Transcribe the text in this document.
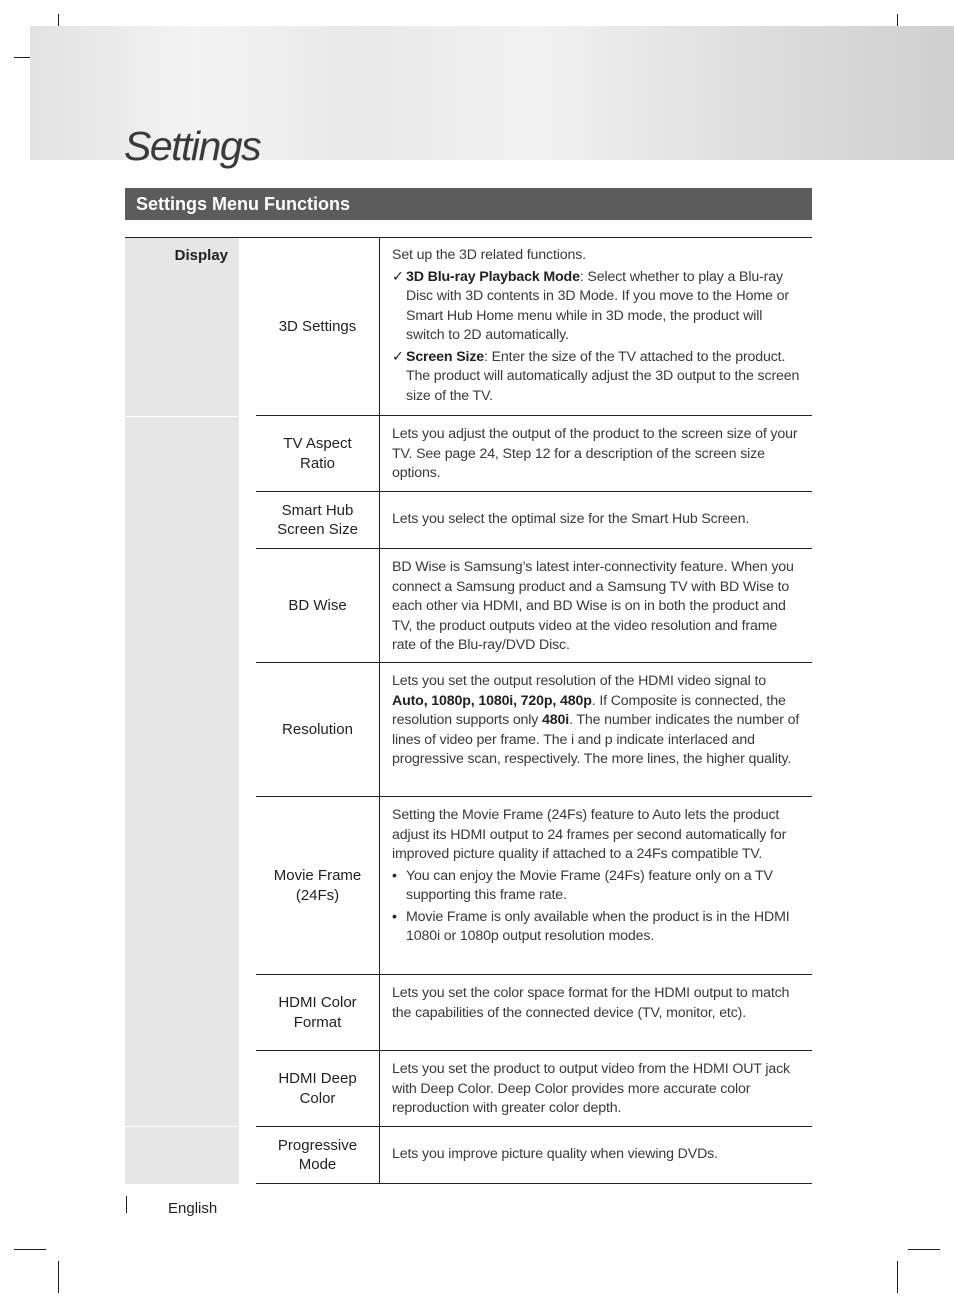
Settings
Settings Menu Functions
Display
3D Settings
Set up the 3D related functions.
✓ 3D Blu-ray Playback Mode: Select whether to play a Blu-ray Disc with 3D contents in 3D Mode. If you move to the Home or Smart Hub Home menu while in 3D mode, the product will switch to 2D automatically.
✓ Screen Size: Enter the size of the TV attached to the product. The product will automatically adjust the 3D output to the screen size of the TV.
TV Aspect Ratio
Lets you adjust the output of the product to the screen size of your TV. See page 24, Step 12 for a description of the screen size options.
Smart Hub Screen Size
Lets you select the optimal size for the Smart Hub Screen.
BD Wise
BD Wise is Samsung’s latest inter-connectivity feature. When you connect a Samsung product and a Samsung TV with BD Wise to each other via HDMI, and BD Wise is on in both the product and TV, the product outputs video at the video resolution and frame rate of the Blu-ray/DVD Disc.
Resolution
Lets you set the output resolution of the HDMI video signal to Auto, 1080p, 1080i, 720p, 480p. If Composite is connected, the resolution supports only 480i. The number indicates the number of lines of video per frame. The i and p indicate interlaced and progressive scan, respectively. The more lines, the higher quality.
Movie Frame (24Fs)
Setting the Movie Frame (24Fs) feature to Auto lets the product adjust its HDMI output to 24 frames per second automatically for improved picture quality if attached to a 24Fs compatible TV.
• You can enjoy the Movie Frame (24Fs) feature only on a TV supporting this frame rate.
• Movie Frame is only available when the product is in the HDMI 1080i or 1080p output resolution modes.
HDMI Color Format
Lets you set the color space format for the HDMI output to match the capabilities of the connected device (TV, monitor, etc).
HDMI Deep Color
Lets you set the product to output video from the HDMI OUT jack with Deep Color. Deep Color provides more accurate color reproduction with greater color depth.
Progressive Mode
Lets you improve picture quality when viewing DVDs.
English
